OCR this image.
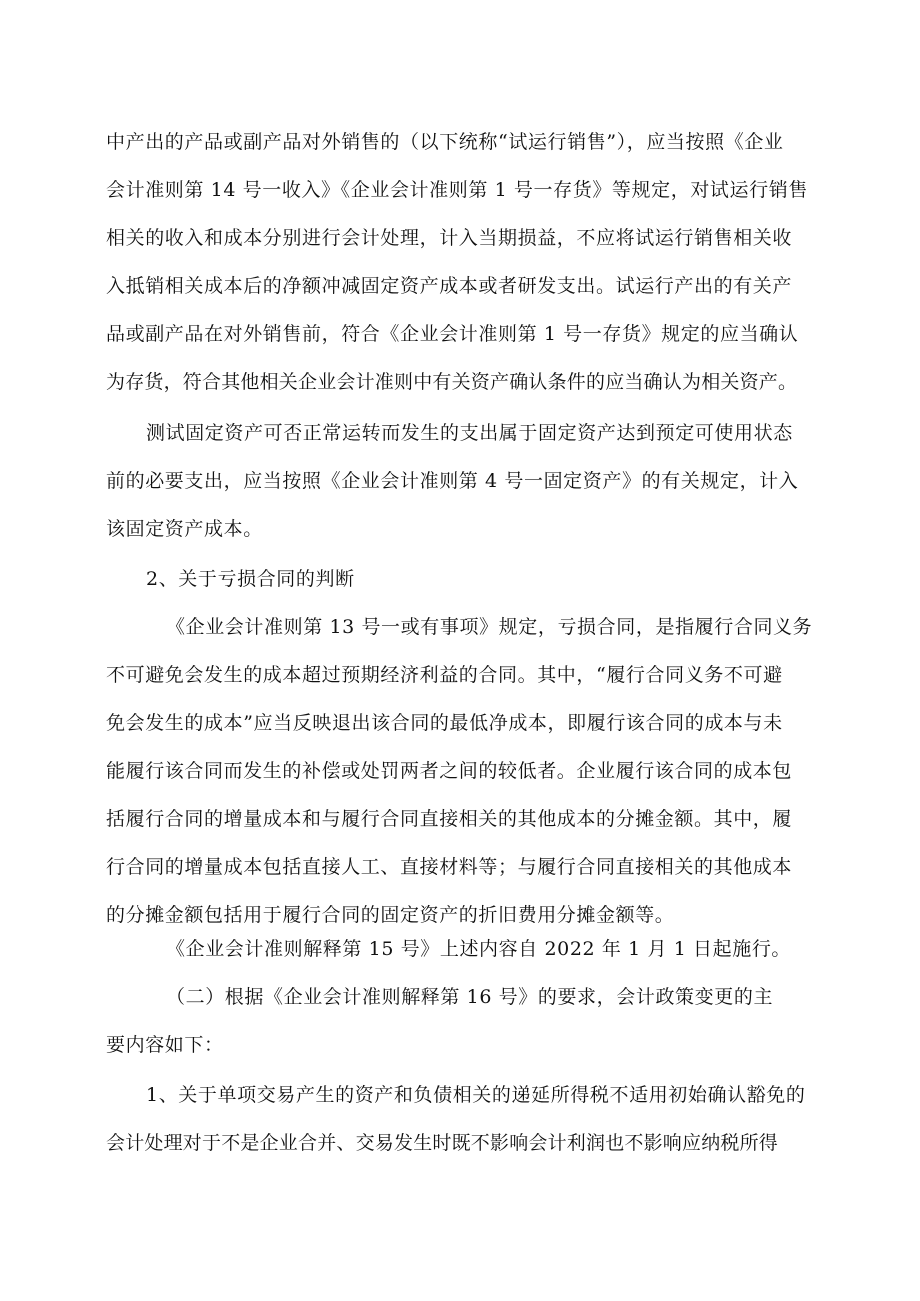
中产出的产品或副产品对外销售的（以下统称“试运行销售”），应当按照《企业
会计准则第 14 号一收入》《企业会计准则第 1 号一存货》等规定，对试运行销售
相关的收入和成本分别进行会计处理，计入当期损益，不应将试运行销售相关收
入抵销相关成本后的净额冲减固定资产成本或者研发支出。试运行产出的有关产
品或副产品在对外销售前，符合《企业会计准则第 1 号一存货》规定的应当确认
为存货，符合其他相关企业会计准则中有关资产确认条件的应当确认为相关资产。
测试固定资产可否正常运转而发生的支出属于固定资产达到预定可使用状态
前的必要支出，应当按照《企业会计准则第 4 号一固定资产》的有关规定，计入
该固定资产成本。
2、关于亏损合同的判断
《企业会计准则第 13 号一或有事项》规定，亏损合同，是指履行合同义务
不可避免会发生的成本超过预期经济利益的合同。其中，“履行合同义务不可避
免会发生的成本”应当反映退出该合同的最低净成本，即履行该合同的成本与未
能履行该合同而发生的补偿或处罚两者之间的较低者。企业履行该合同的成本包
括履行合同的增量成本和与履行合同直接相关的其他成本的分摊金额。其中，履
行合同的增量成本包括直接人工、直接材料等；与履行合同直接相关的其他成本
的分摊金额包括用于履行合同的固定资产的折旧费用分摊金额等。
《企业会计准则解释第 15 号》上述内容自 2022 年 1 月 1 日起施行。
（二）根据《企业会计准则解释第 16 号》的要求，会计政策变更的主
要内容如下：
1、关于单项交易产生的资产和负债相关的递延所得税不适用初始确认豁免的
会计处理对于不是企业合并、交易发生时既不影响会计利润也不影响应纳税所得
